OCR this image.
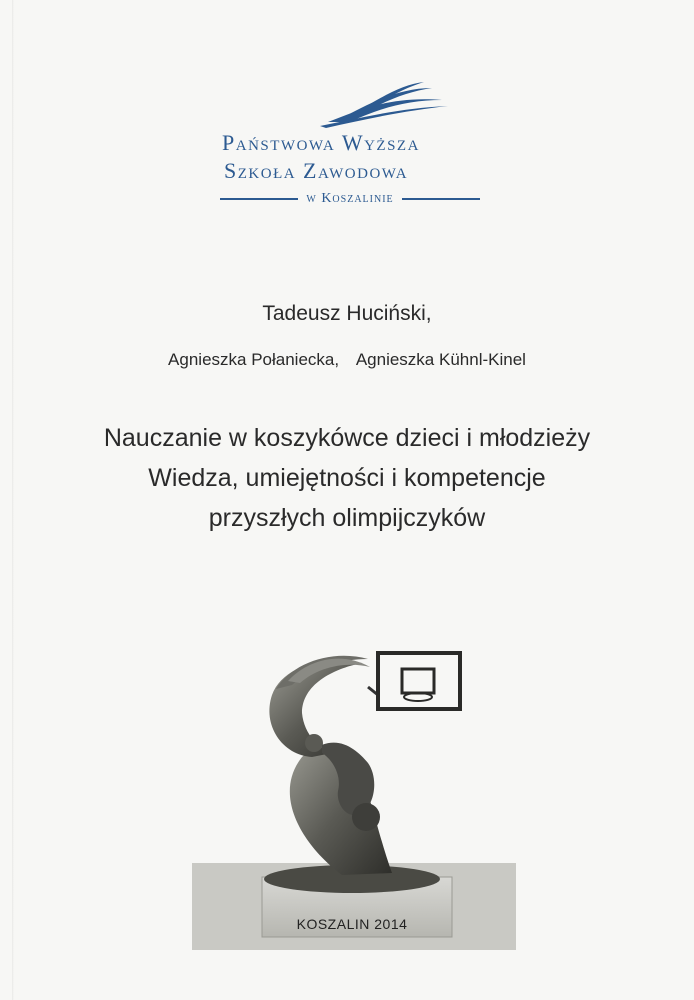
Państwowa Wyższa
Szkoła Zawodowa
w Koszalinie
Tadeusz Huciński,
Agnieszka Połaniecka, Agnieszka Kühnl-Kinel
Nauczanie w koszykówce dzieci i młodzieży
Wiedza, umiejętności i kompetencje
przyszłych olimpijczyków
KOSZALIN 2014
